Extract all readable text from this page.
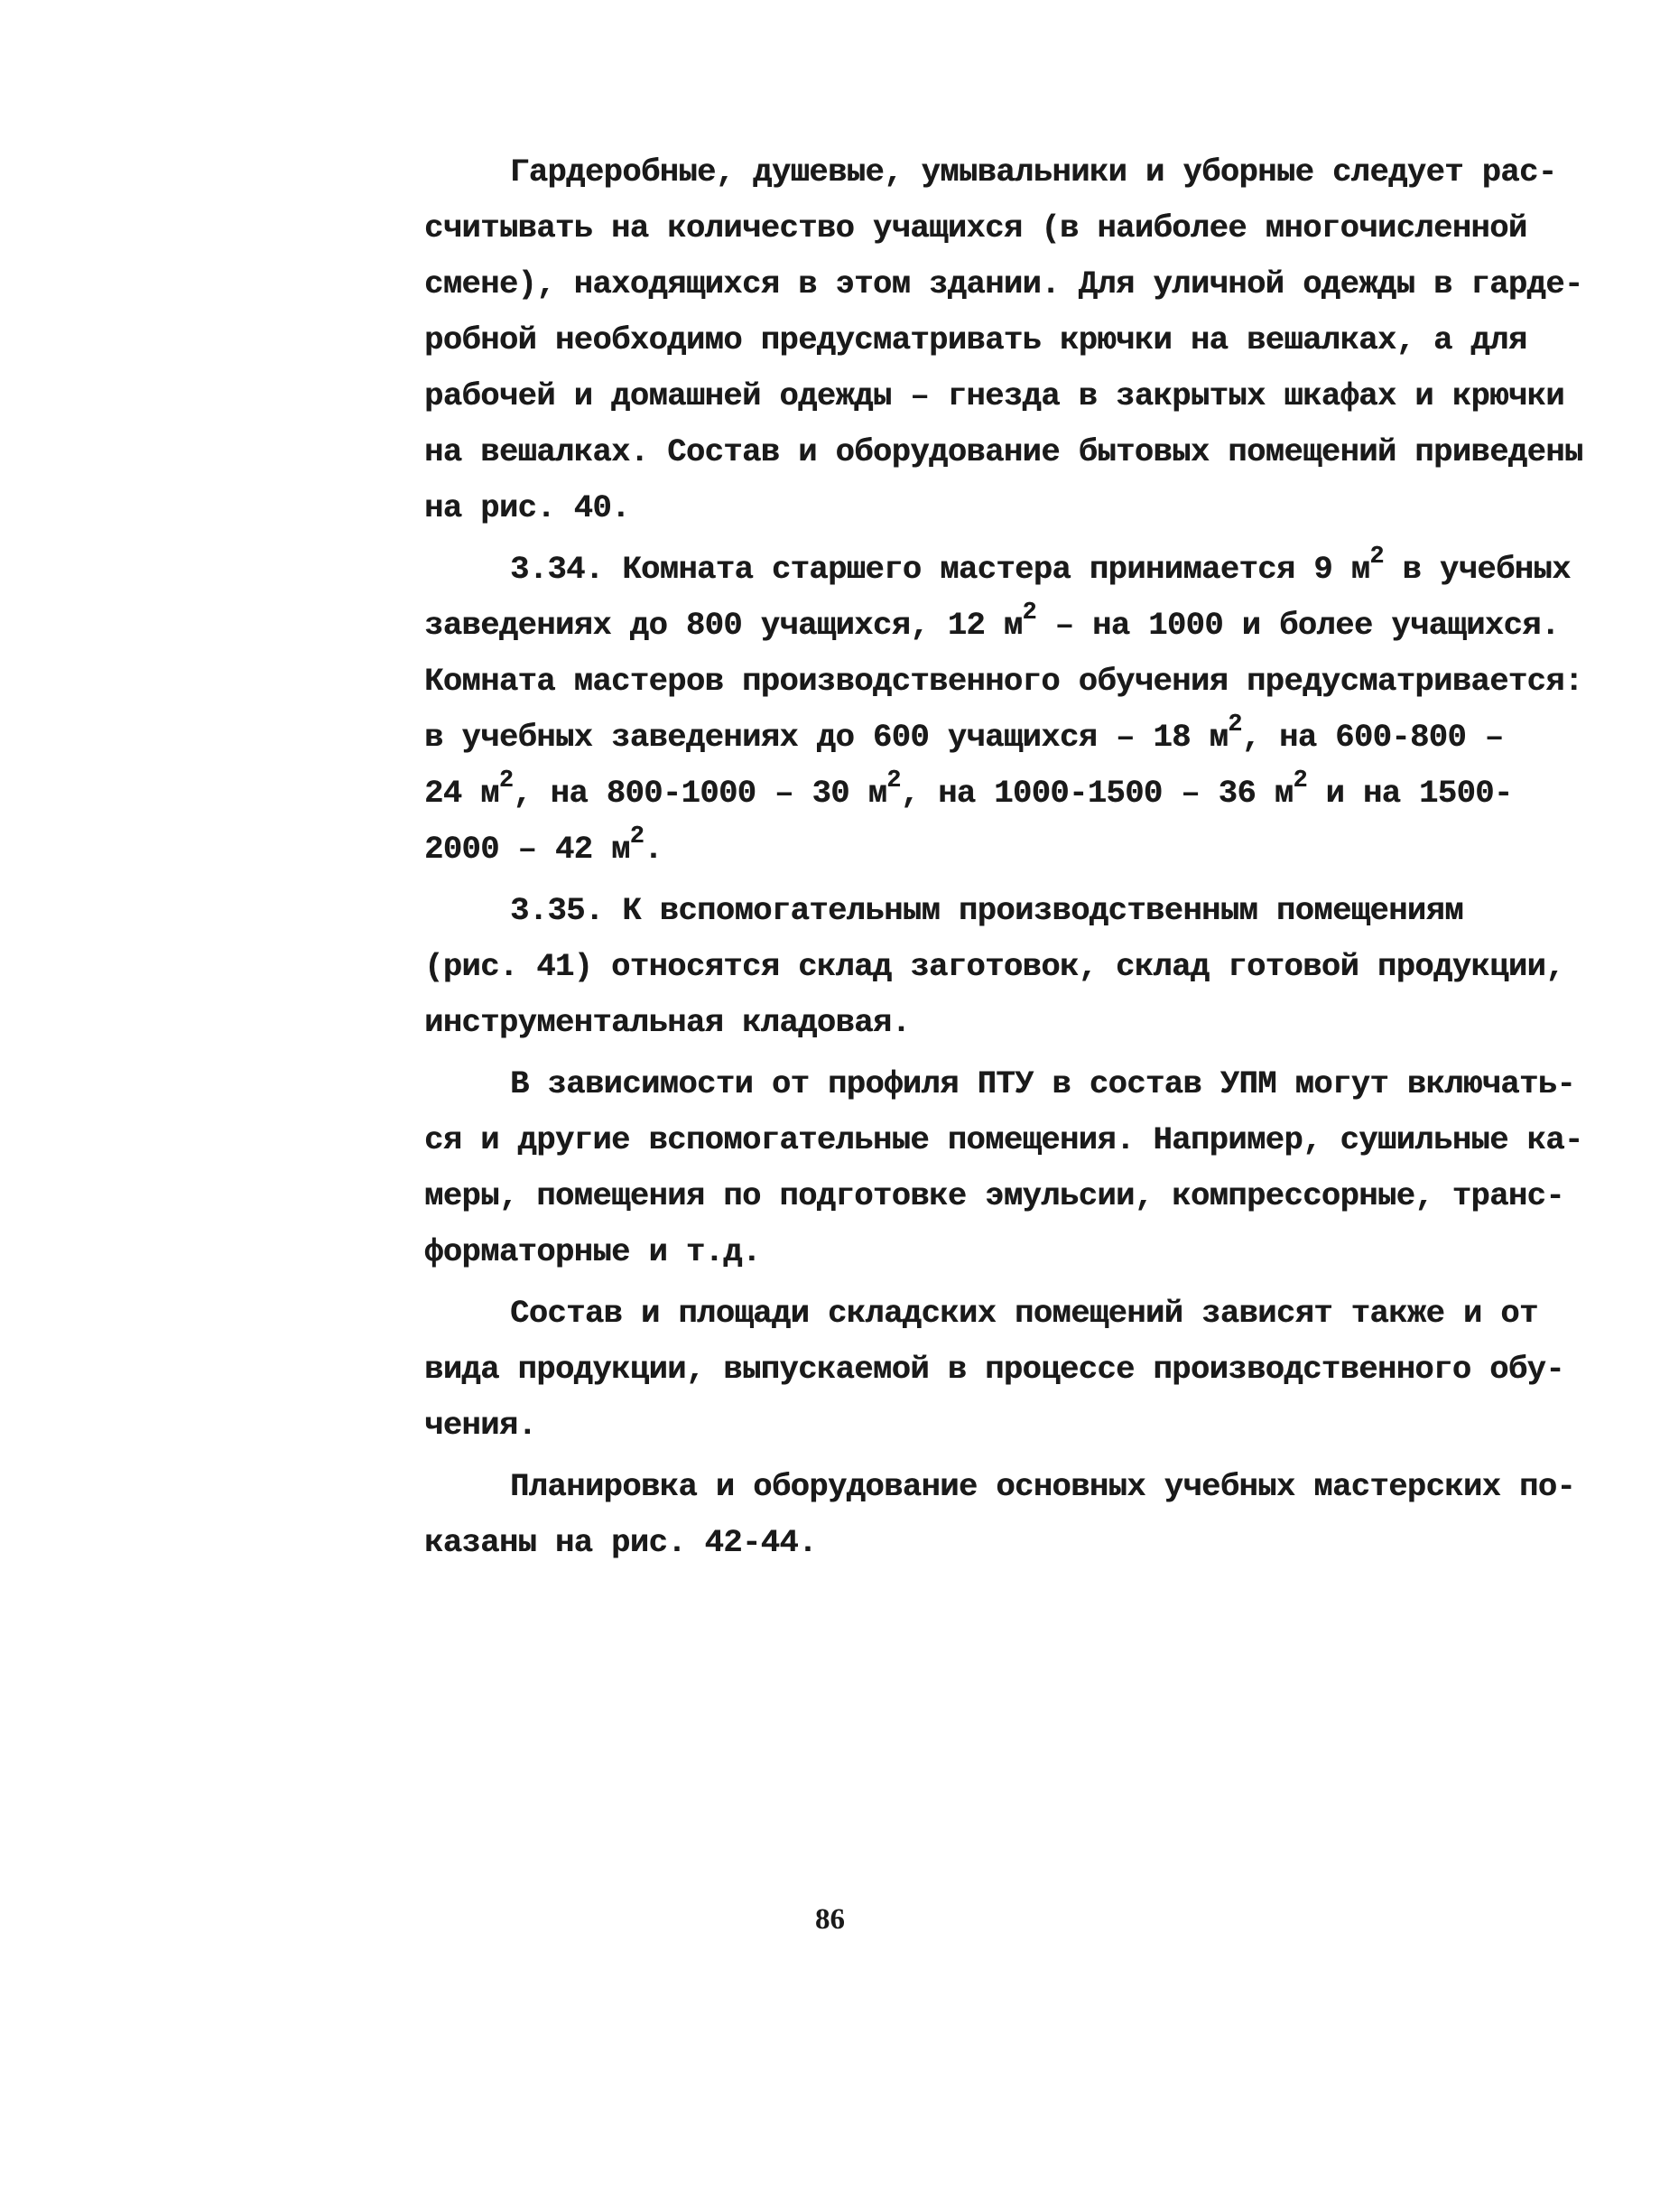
Гардеробные, душевые, умывальники и уборные следует рас-
считывать на количество учащихся (в наиболее многочисленной
смене), находящихся в этом здании. Для уличной одежды в гарде-
робной необходимо предусматривать крючки на вешалках, а для
рабочей и домашней одежды – гнезда в закрытых шкафах и крючки
на вешалках. Состав и оборудование бытовых помещений приведены
на рис. 40.
3.34. Комната старшего мастера принимается 9 $м^2$ в учебных
заведениях до 800 учащихся, 12 $м^2$ – на 1000 и более учащихся.
Комната мастеров производственного обучения предусматривается:
в учебных заведениях до 600 учащихся – 18 $м^2$, на 600-800 –
24 $м^2$, на 800-1000 – 30 $м^2$, на 1000-1500 – 36 $м^2$ и на 1500-
2000 – 42 $м^2$.
3.35. К вспомогательным производственным помещениям
(рис. 41) относятся склад заготовок, склад готовой продукции,
инструментальная кладовая.
В зависимости от профиля ПТУ в состав УПМ могут включать-
ся и другие вспомогательные помещения. Например, сушильные ка-
меры, помещения по подготовке эмульсии, компрессорные, транс-
форматорные и т.д.
Состав и площади складских помещений зависят также и от
вида продукции, выпускаемой в процессе производственного обу-
чения.
Планировка и оборудование основных учебных мастерских по-
казаны на рис. 42-44.
86
